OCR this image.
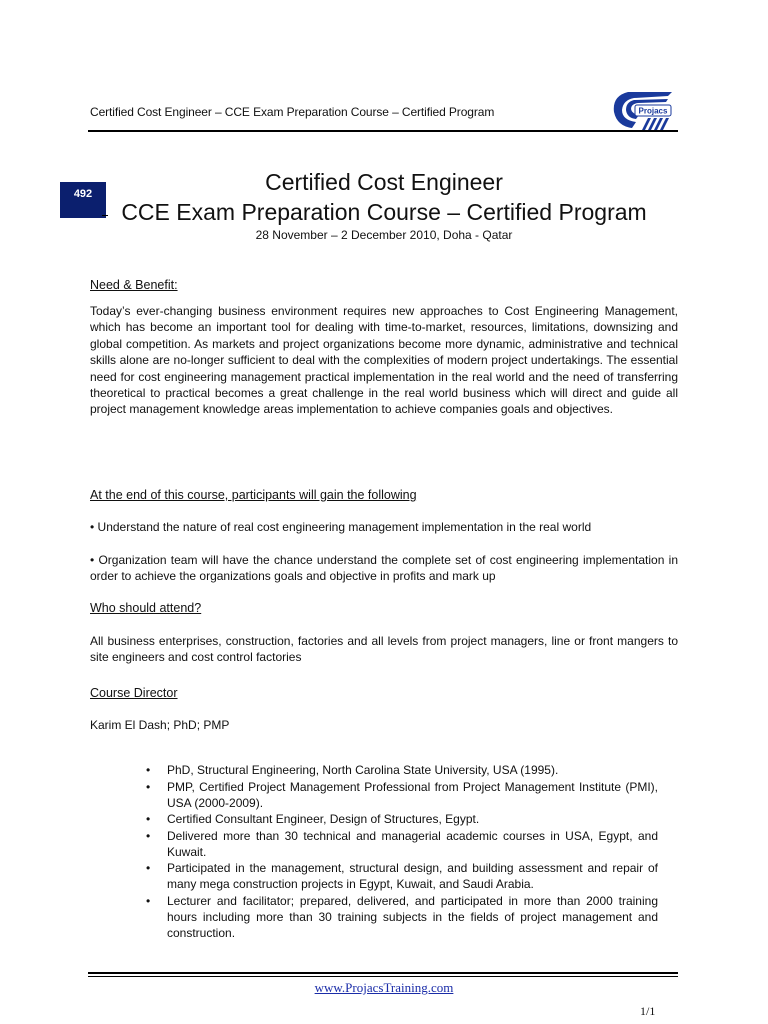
Certified Cost Engineer – CCE Exam Preparation Course – Certified Program	Projacs
492	Certified Cost Engineer
CCE Exam Preparation Course – Certified Program
28 November – 2 December 2010, Doha - Qatar
Need & Benefit:
Today’s ever-changing business environment requires new approaches to Cost Engineering Management, which has become an important tool for dealing with time-to-market, resources, limitations, downsizing and global competition. As markets and project organizations become more dynamic, administrative and technical skills alone are no-longer sufficient to deal with the complexities of modern project undertakings. The essential need for cost engineering management practical implementation in the real world and the need of transferring theoretical to practical becomes a great challenge in the real world business which will direct and guide all project management knowledge areas implementation to achieve companies goals and objectives.
At the end of this course, participants will gain the following
• Understand the nature of real cost engineering management implementation in the real world
• Organization team will have the chance understand the complete set of cost engineering implementation in order to achieve the organizations goals and objective in profits and mark up
Who should attend?
All business enterprises, construction, factories and all levels from project managers, line or front mangers to site engineers and cost control factories
Course Director
Karim El Dash; PhD; PMP
• PhD, Structural Engineering, North Carolina State University, USA (1995).
• PMP, Certified Project Management Professional from Project Management Institute (PMI), USA (2000-2009).
• Certified Consultant Engineer, Design of Structures, Egypt.
• Delivered more than 30 technical and managerial academic courses in USA, Egypt, and Kuwait.
• Participated in the management, structural design, and building assessment and repair of many mega construction projects in Egypt, Kuwait, and Saudi Arabia.
• Lecturer and facilitator; prepared, delivered, and participated in more than 2000 training hours including more than 30 training subjects in the fields of project management and construction.
www.ProjacsTraining.com
1/1
